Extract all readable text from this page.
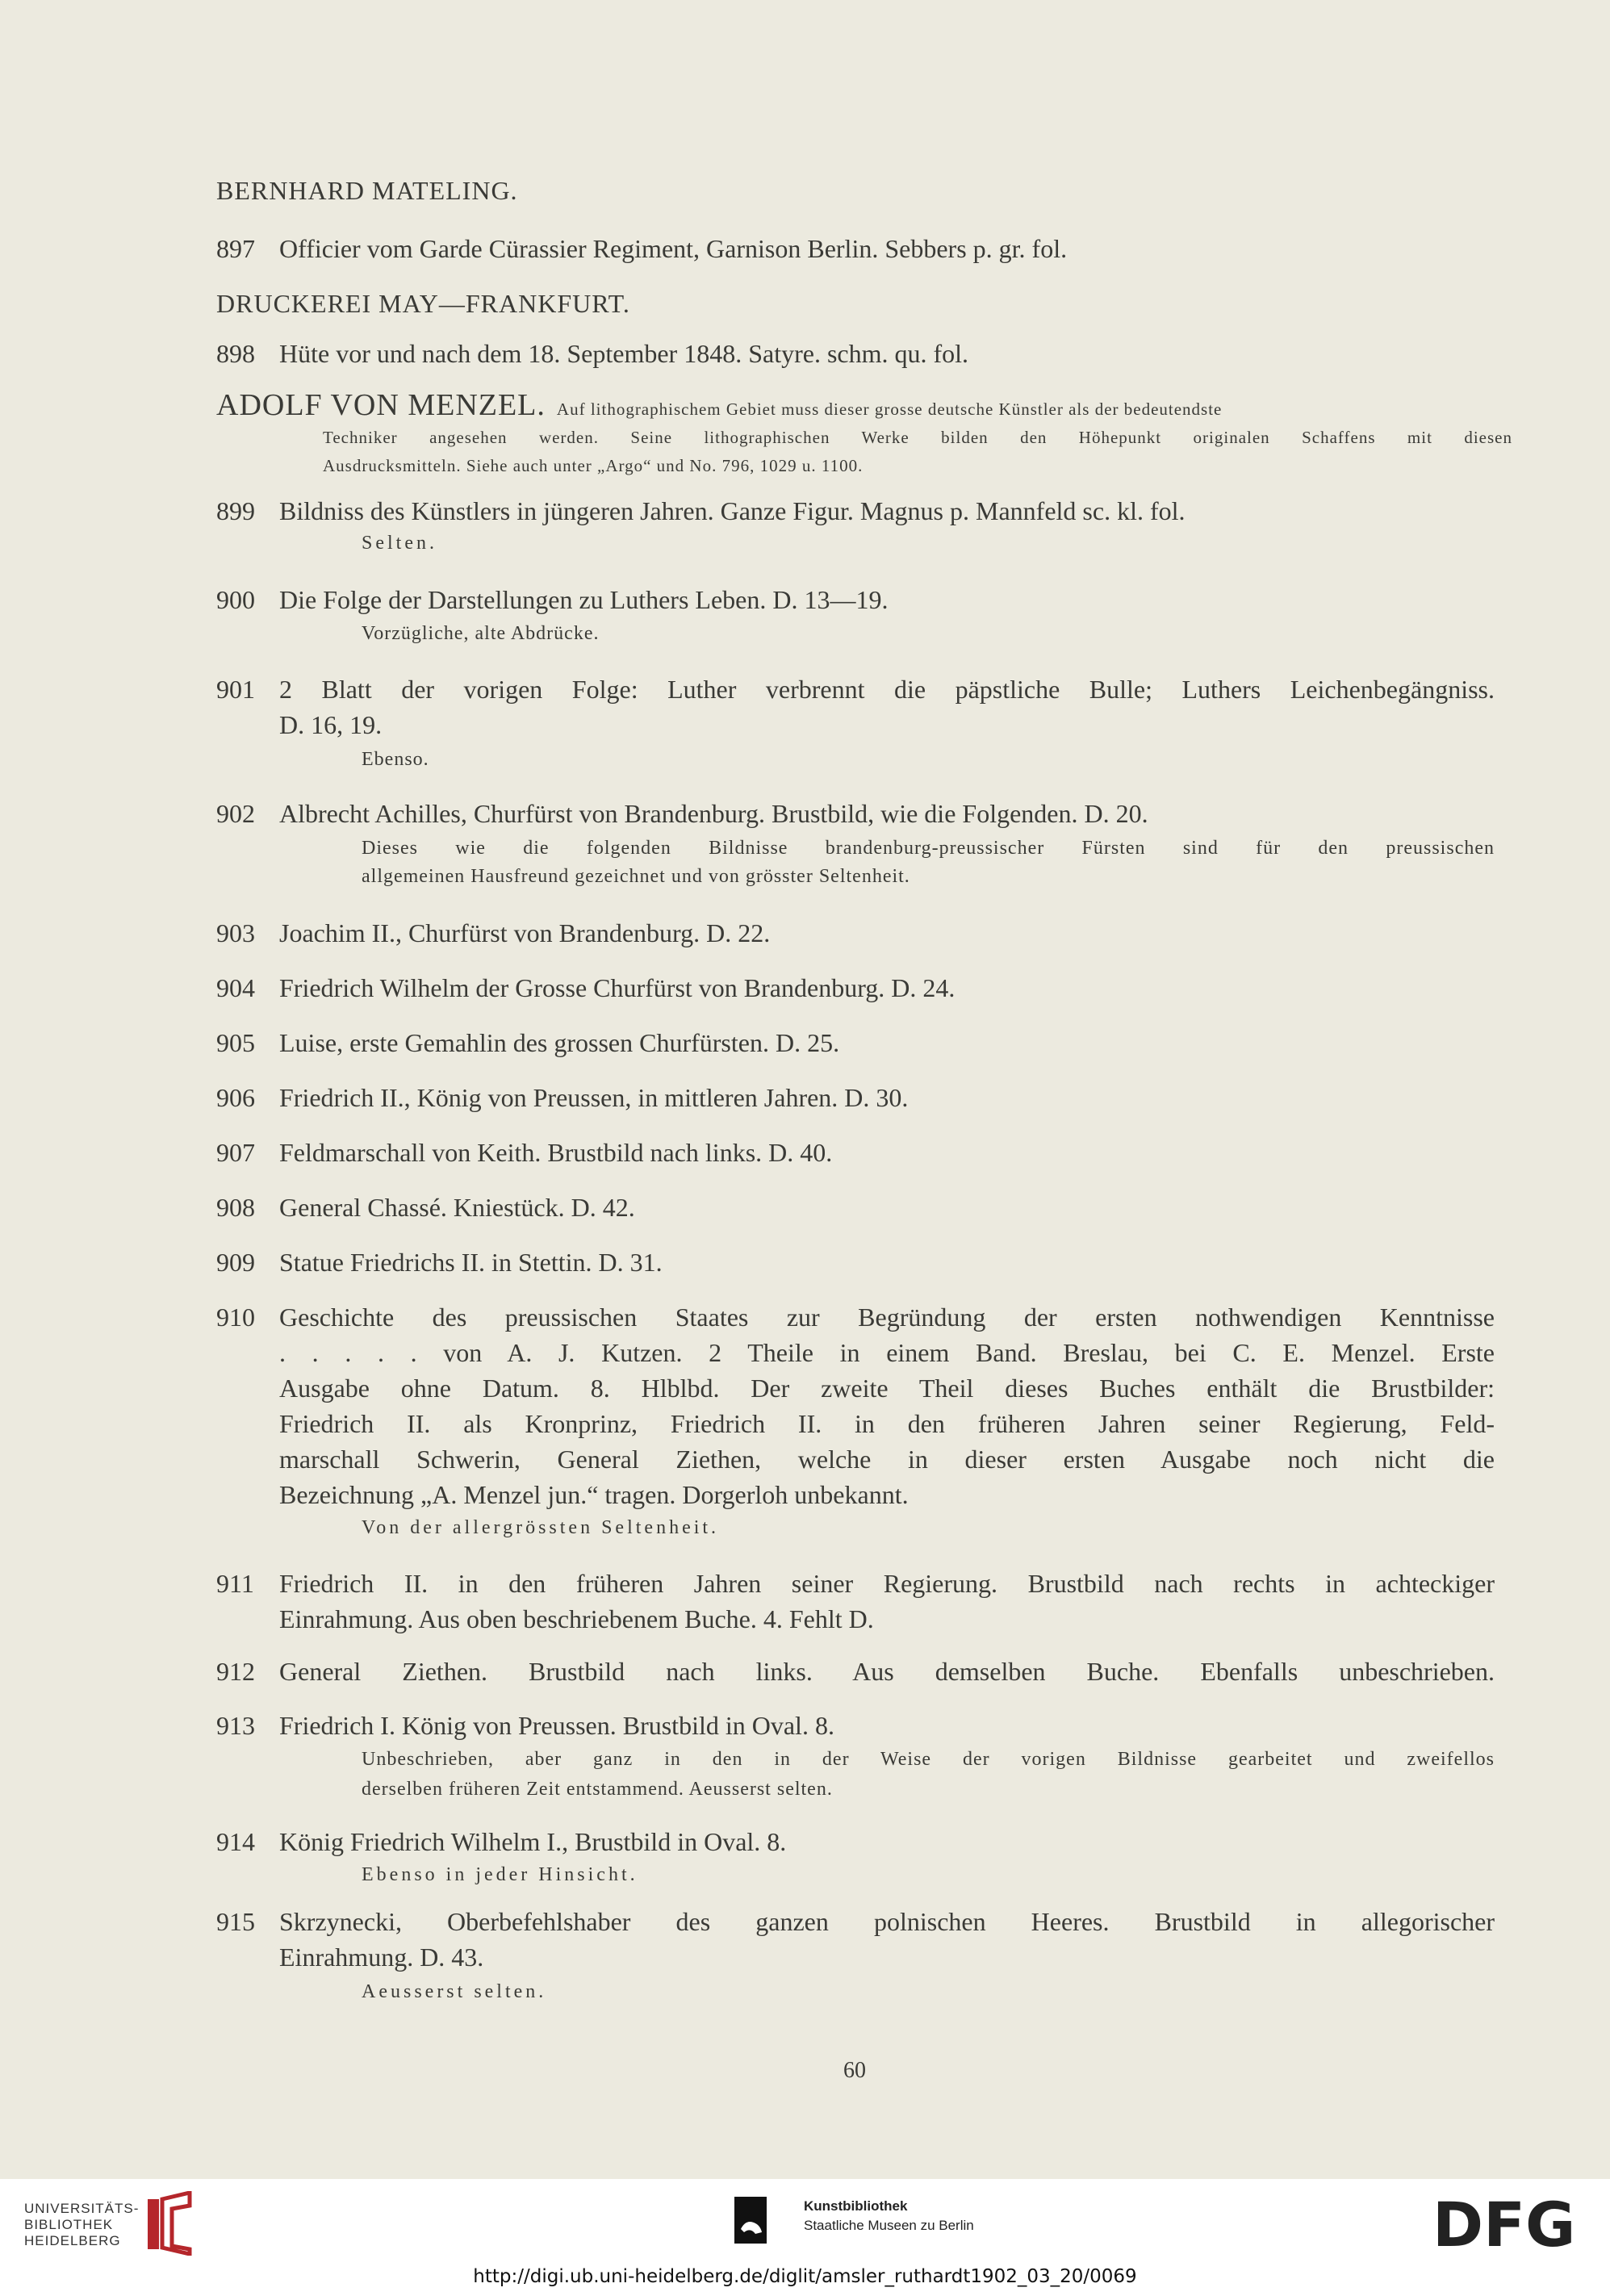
BERNHARD MATELING.
897 Officier vom Garde Cürassier Regiment, Garnison Berlin. Sebbers p. gr. fol.
DRUCKEREI MAY—FRANKFURT.
898 Hüte vor und nach dem 18. September 1848. Satyre. schm. qu. fol.
ADOLF VON MENZEL. Auf lithographischem Gebiet muss dieser grosse deutsche Künstler als der bedeutendste
Techniker angesehen werden. Seine lithographischen Werke bilden den Höhepunkt originalen Schaffens mit diesen
Ausdrucksmitteln. Siehe auch unter „Argo“ und No. 796, 1029 u. 1100.
899 Bildniss des Künstlers in jüngeren Jahren. Ganze Figur. Magnus p. Mannfeld sc. kl. fol.
Selten.
900 Die Folge der Darstellungen zu Luthers Leben. D. 13—19.
Vorzügliche, alte Abdrücke.
901 2 Blatt der vorigen Folge: Luther verbrennt die päpstliche Bulle; Luthers Leichenbegängniss.
D. 16, 19.
Ebenso.
902 Albrecht Achilles, Churfürst von Brandenburg. Brustbild, wie die Folgenden. D. 20.
Dieses wie die folgenden Bildnisse brandenburg-preussischer Fürsten sind für den preussischen
allgemeinen Hausfreund gezeichnet und von grösster Seltenheit.
903 Joachim II., Churfürst von Brandenburg. D. 22.
904 Friedrich Wilhelm der Grosse Churfürst von Brandenburg. D. 24.
905 Luise, erste Gemahlin des grossen Churfürsten. D. 25.
906 Friedrich II., König von Preussen, in mittleren Jahren. D. 30.
907 Feldmarschall von Keith. Brustbild nach links. D. 40.
908 General Chassé. Kniestück. D. 42.
909 Statue Friedrichs II. in Stettin. D. 31.
910 Geschichte des preussischen Staates zur Begründung der ersten nothwendigen Kenntnisse
. . . . . von A. J. Kutzen. 2 Theile in einem Band. Breslau, bei C. E. Menzel. Erste
Ausgabe ohne Datum. 8. Hlblbd. Der zweite Theil dieses Buches enthält die Brustbilder:
Friedrich II. als Kronprinz, Friedrich II. in den früheren Jahren seiner Regierung, Feld-
marschall Schwerin, General Ziethen, welche in dieser ersten Ausgabe noch nicht die
Bezeichnung „A. Menzel jun.“ tragen. Dorgerloh unbekannt.
Von der allergrössten Seltenheit.
911 Friedrich II. in den früheren Jahren seiner Regierung. Brustbild nach rechts in achteckiger
Einrahmung. Aus oben beschriebenem Buche. 4. Fehlt D.
912 General Ziethen. Brustbild nach links. Aus demselben Buche. Ebenfalls unbeschrieben.
913 Friedrich I. König von Preussen. Brustbild in Oval. 8.
Unbeschrieben, aber ganz in den in der Weise der vorigen Bildnisse gearbeitet und zweifellos
derselben früheren Zeit entstammend. Aeusserst selten.
914 König Friedrich Wilhelm I., Brustbild in Oval. 8.
Ebenso in jeder Hinsicht.
915 Skrzynecki, Oberbefehlshaber des ganzen polnischen Heeres. Brustbild in allegorischer
Einrahmung. D. 43.
Aeusserst selten.
60
UNIVERSITÄTS-
BIBLIOTHEK
HEIDELBERG
Kunstbibliothek
Staatliche Museen zu Berlin	DFG
http://digi.ub.uni-heidelberg.de/diglit/amsler_ruthardt1902_03_20/0069
